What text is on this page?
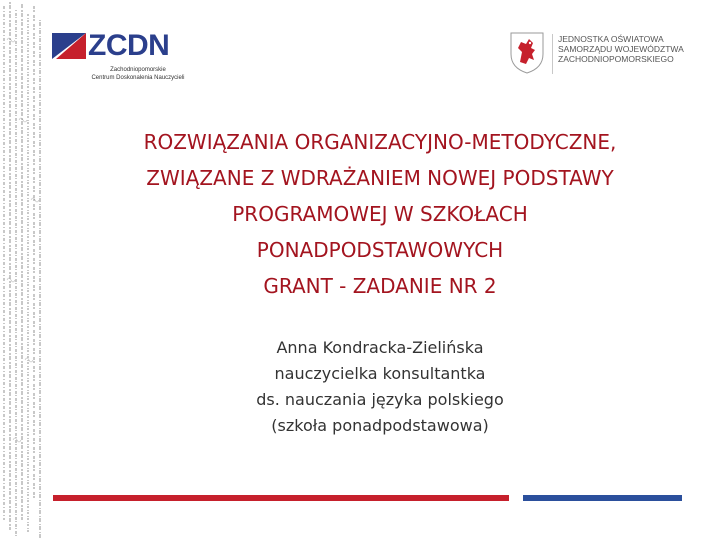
ZCDN
Zachodniopomorskie
Centrum Doskonalenia Nauczycieli
JEDNOSTKA OŚWIATOWA
SAMORZĄDU WOJEWÓDZTWA
ZACHODNIOPOMORSKIEGO
ROZWIĄZANIA ORGANIZACYJNO-METODYCZNE,
ZWIĄZANE Z WDRAŻANIEM NOWEJ PODSTAWY
PROGRAMOWEJ W SZKOŁACH
PONADPODSTAWOWYCH
GRANT - ZADANIE NR 2
Anna Kondracka-Zielińska
nauczycielka konsultantka
ds. nauczania języka polskiego
(szkoła ponadpodstawowa)
